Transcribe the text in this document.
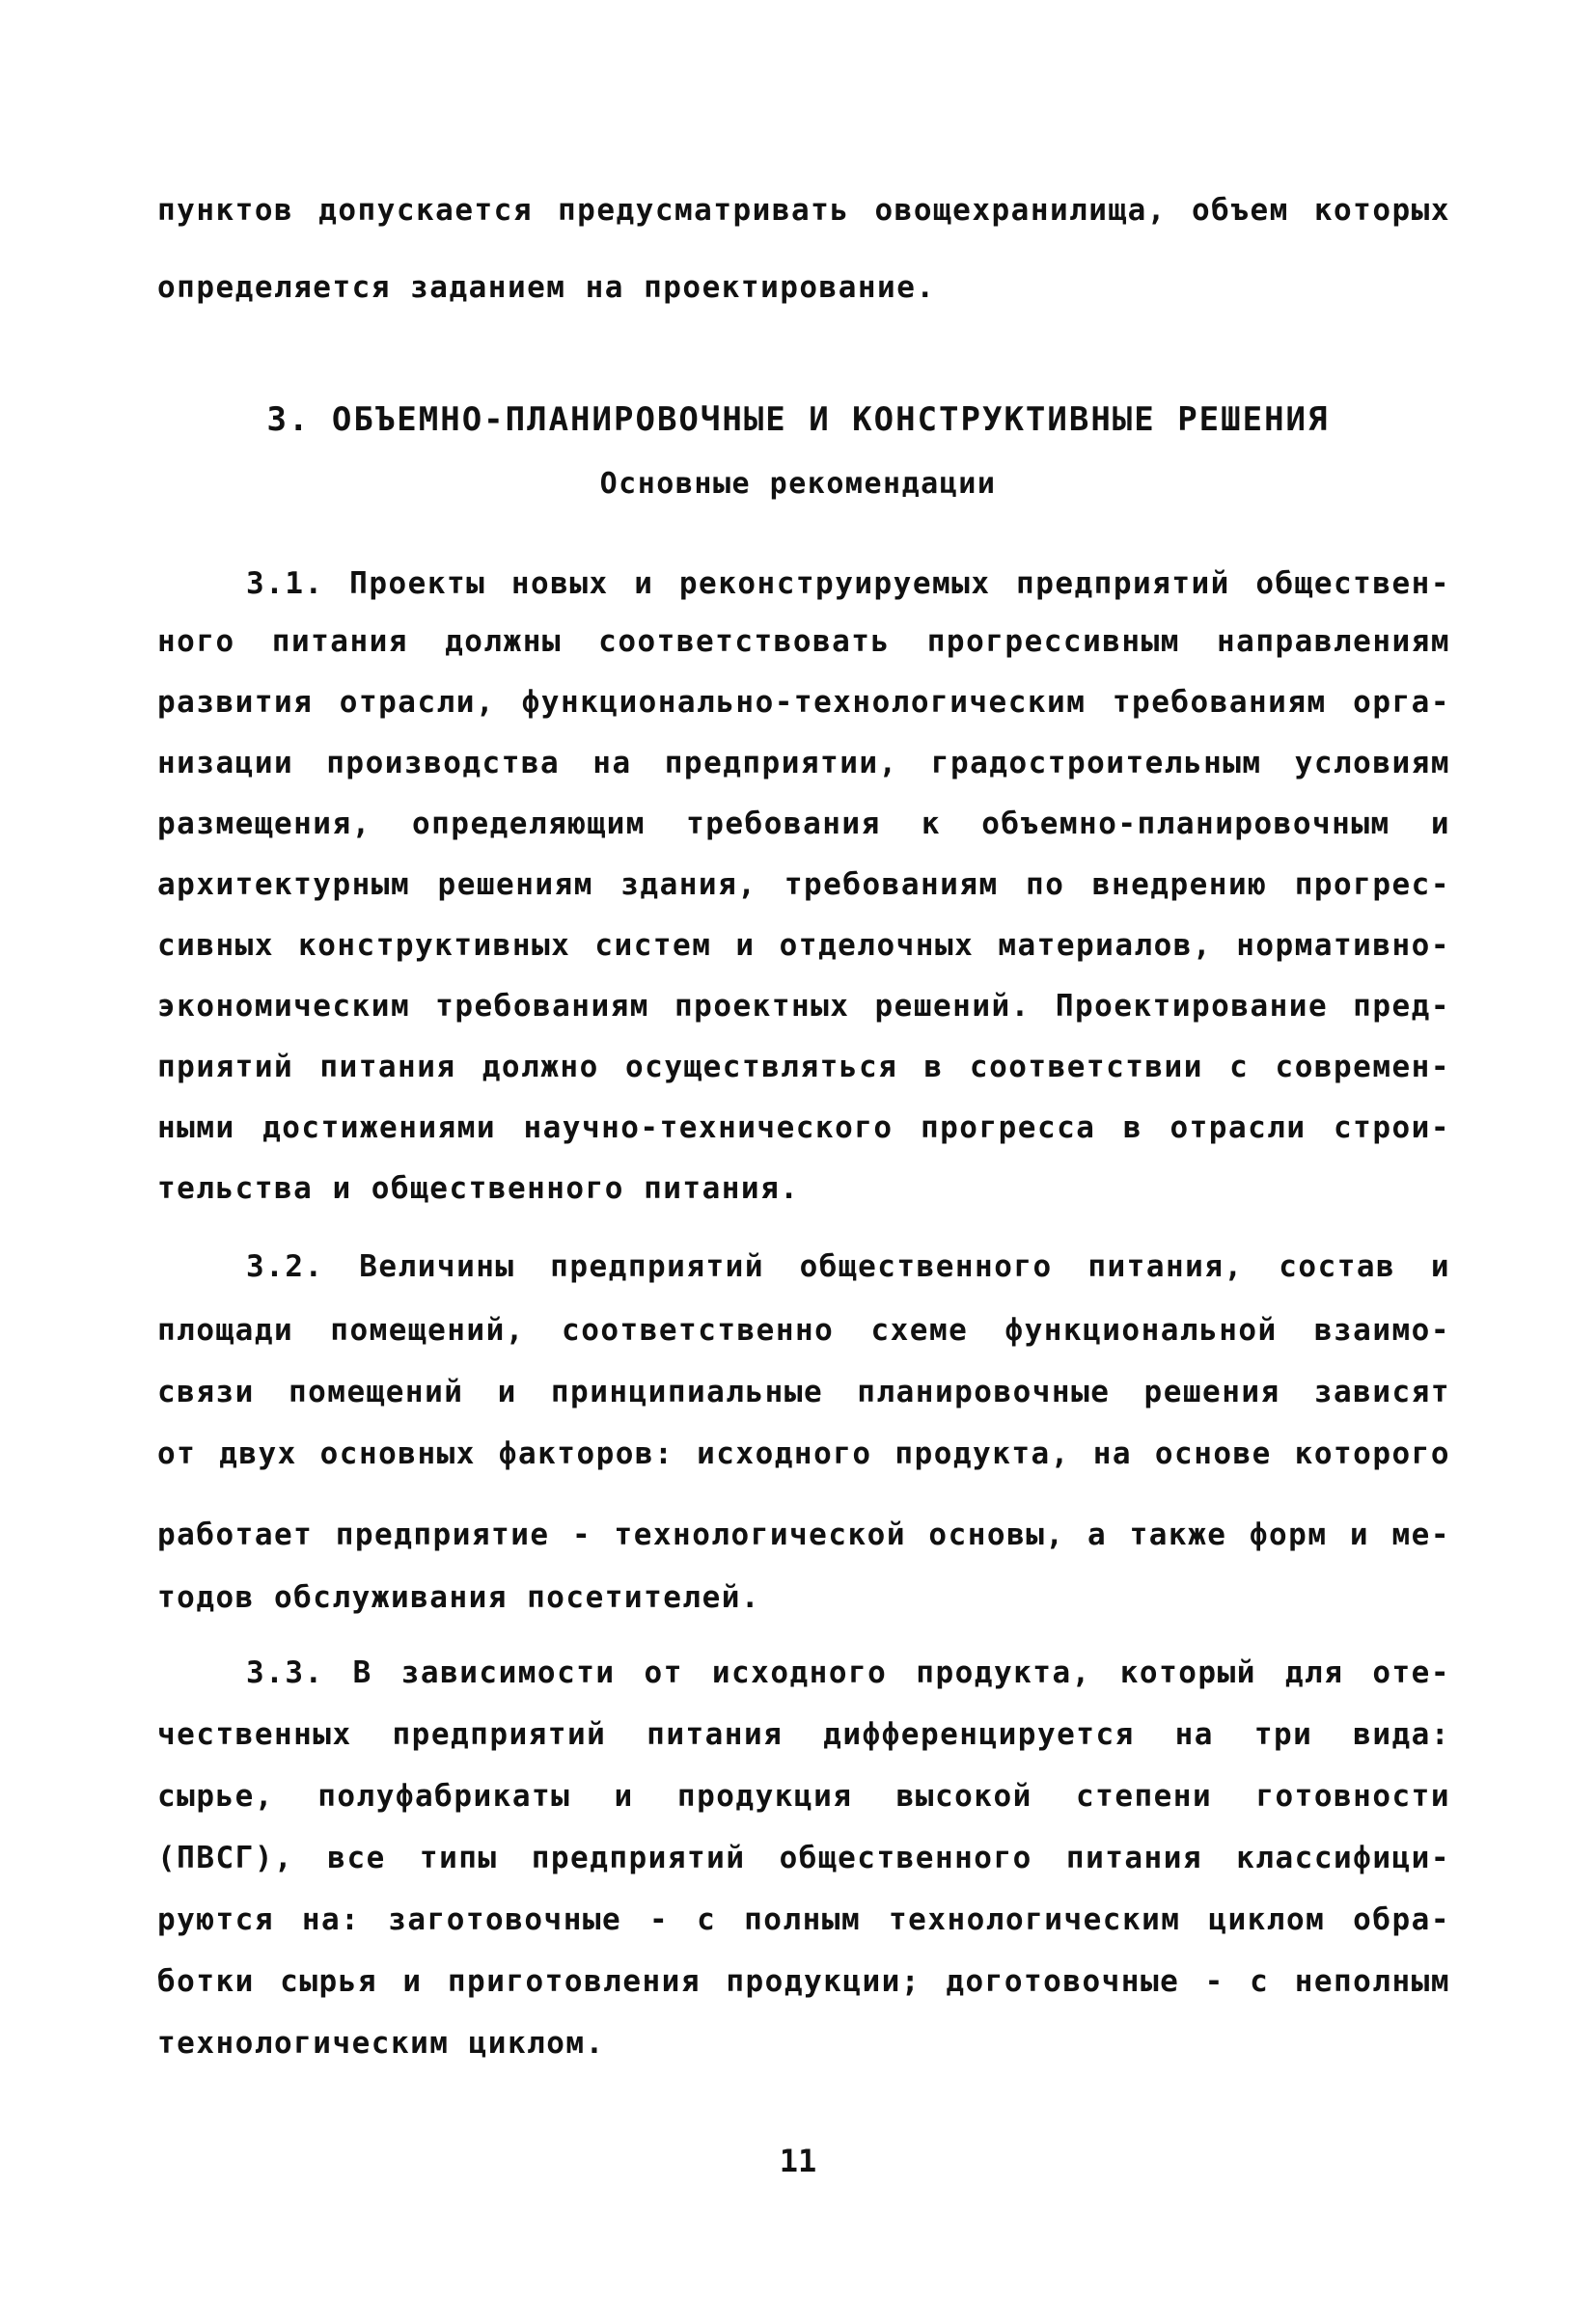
пунктов допускается предусматривать овощехранилища, объем которых
определяется заданием на проектирование.
3. ОБЪЕМНО-ПЛАНИРОВОЧНЫЕ И КОНСТРУКТИВНЫЕ РЕШЕНИЯ
Основные рекомендации
3.1. Проекты новых и реконструируемых предприятий обществен-
ного питания должны соответствовать прогрессивным направлениям
развития отрасли, функционально-технологическим требованиям орга-
низации производства на предприятии, градостроительным условиям
размещения, определяющим требования к объемно-планировочным и
архитектурным решениям здания, требованиям по внедрению прогрес-
сивных конструктивных систем и отделочных материалов, нормативно-
экономическим требованиям проектных решений. Проектирование пред-
приятий питания должно осуществляться в соответствии с современ-
ными достижениями научно-технического прогресса в отрасли строи-
тельства и общественного питания.
3.2. Величины предприятий общественного питания, состав и
площади помещений, соответственно схеме функциональной взаимо-
связи помещений и принципиальные планировочные решения зависят
от двух основных факторов: исходного продукта, на основе которого
работает предприятие - технологической основы, а также форм и ме-
тодов обслуживания посетителей.
3.3. В зависимости от исходного продукта, который для оте-
чественных предприятий питания дифференцируется на три вида:
сырье, полуфабрикаты и продукция высокой степени готовности
(ПВСГ), все типы предприятий общественного питания классифици-
руются на: заготовочные - с полным технологическим циклом обра-
ботки сырья и приготовления продукции; доготовочные - с неполным
технологическим циклом.
11
